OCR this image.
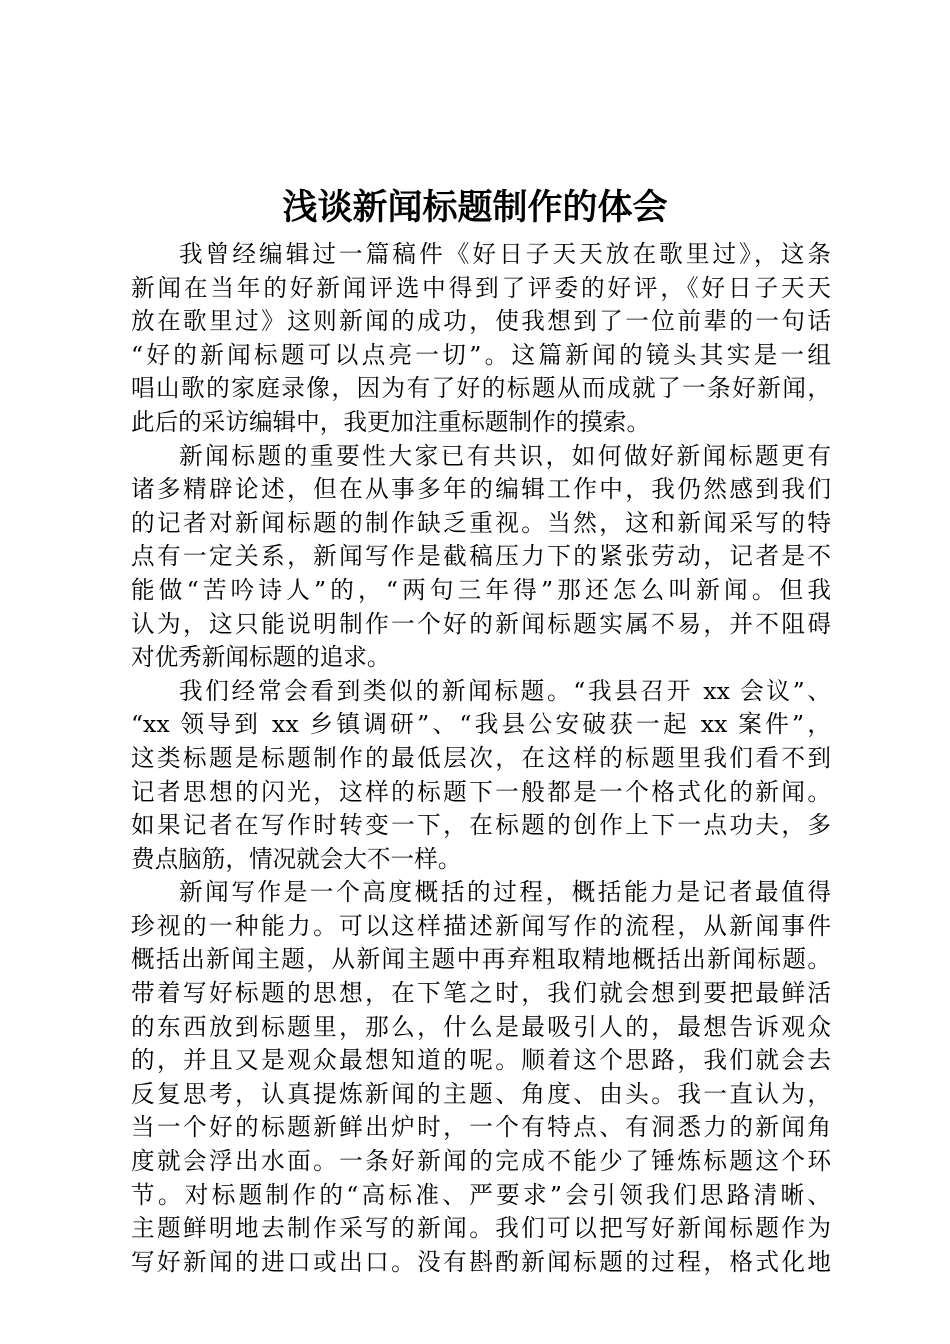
浅谈新闻标题制作的体会
我曾经编辑过一篇稿件《好日子天天放在歌里过》，这条
新闻在当年的好新闻评选中得到了评委的好评，《好日子天天
放在歌里过》这则新闻的成功，使我想到了一位前辈的一句话
“好的新闻标题可以点亮一切”。这篇新闻的镜头其实是一组
唱山歌的家庭录像，因为有了好的标题从而成就了一条好新闻，
此后的采访编辑中，我更加注重标题制作的摸索。
新闻标题的重要性大家已有共识，如何做好新闻标题更有
诸多精辟论述，但在从事多年的编辑工作中，我仍然感到我们
的记者对新闻标题的制作缺乏重视。当然，这和新闻采写的特
点有一定关系，新闻写作是截稿压力下的紧张劳动，记者是不
能做“苦吟诗人”的，“两句三年得”那还怎么叫新闻。但我
认为，这只能说明制作一个好的新闻标题实属不易，并不阻碍
对优秀新闻标题的追求。
我们经常会看到类似的新闻标题。“我县召开 xx 会议”、
“xx 领导到 xx 乡镇调研”、“我县公安破获一起 xx 案件”，
这类标题是标题制作的最低层次，在这样的标题里我们看不到
记者思想的闪光，这样的标题下一般都是一个格式化的新闻。
如果记者在写作时转变一下，在标题的创作上下一点功夫，多
费点脑筋，情况就会大不一样。
新闻写作是一个高度概括的过程，概括能力是记者最值得
珍视的一种能力。可以这样描述新闻写作的流程，从新闻事件
概括出新闻主题，从新闻主题中再弃粗取精地概括出新闻标题。
带着写好标题的思想，在下笔之时，我们就会想到要把最鲜活
的东西放到标题里，那么，什么是最吸引人的，最想告诉观众
的，并且又是观众最想知道的呢。顺着这个思路，我们就会去
反复思考，认真提炼新闻的主题、角度、由头。我一直认为，
当一个好的标题新鲜出炉时，一个有特点、有洞悉力的新闻角
度就会浮出水面。一条好新闻的完成不能少了锤炼标题这个环
节。对标题制作的“高标准、严要求”会引领我们思路清晰、
主题鲜明地去制作采写的新闻。我们可以把写好新闻标题作为
写好新闻的进口或出口。没有斟酌新闻标题的过程，格式化地
